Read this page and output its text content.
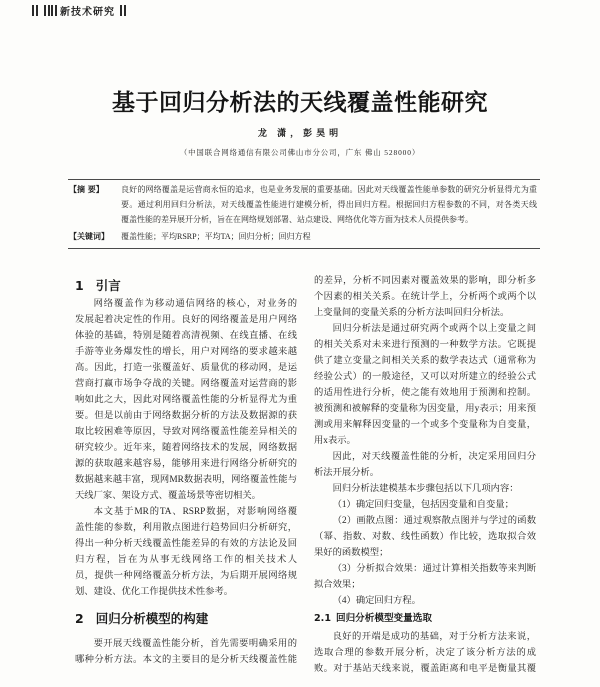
新技术研究
基于回归分析法的天线覆盖性能研究
龙 潇，彭昊明
（中国联合网络通信有限公司佛山市分公司，广东 佛山 528000）
【摘 要】 良好的网络覆盖是运营商永恒的追求，也是业务发展的重要基础。因此对天线覆盖性能单参数的研究分析显得尤为重
要。通过利用回归分析法，对天线覆盖性能进行建模分析，得出回归方程。根据回归方程参数的不同，对各类天线
覆盖性能的差异展开分析，旨在在网络规划部署、站点建设、网络优化等方面为技术人员提供参考。
【关键词】 覆盖性能；平均RSRP；平均TA；回归分析；回归方程
1 引言
网络覆盖作为移动通信网络的核心，对业务的
发展起着决定性的作用。良好的网络覆盖是用户网络
体验的基础，特别是随着高清视频、在线直播、在线
手游等业务爆发性的增长，用户对网络的要求越来越
高。因此，打造一张覆盖好、质量优的移动网，是运
营商打赢市场争夺战的关键。网络覆盖对运营商的影
响如此之大，因此对网络覆盖性能的分析显得尤为重
要。但是以前由于网络数据分析的方法及数据源的获
取比较困难等原因，导致对网络覆盖性能差异相关的
研究较少。近年来，随着网络技术的发展，网络数据
源的获取越来越容易，能够用来进行网络分析研究的
数据越来越丰富，现网MR数据表明，网络覆盖性能与
天线厂家、架设方式、覆盖场景等密切相关。
本文基于MR的TA、RSRP数据，对影响网络覆
盖性能的参数，利用散点图进行趋势回归分析研究，
得出一种分析天线覆盖性能差异的有效的方法论及回
归方程，旨在为从事无线网络工作的相关技术人
员，提供一种网络覆盖分析方法，为后期开展网络规
划、建设、优化工作提供技术性参考。
2 回归分析模型的构建
要开展天线覆盖性能分析，首先需要明确采用的
哪种分析方法。本文的主要目的是分析天线覆盖性能
的差异，分析不同因素对覆盖效果的影响，即分析多
个因素的相关关系。在统计学上，分析两个或两个以
上变量间的变量关系的分析方法叫回归分析法。
回归分析法是通过研究两个或两个以上变量之间
的相关关系对未来进行预测的一种数学方法。它既提
供了建立变量之间相关关系的数学表达式（通常称为
经验公式）的一般途径，又可以对所建立的经验公式
的适用性进行分析，使之能有效地用于预测和控制。
被预测和被解释的变量称为因变量，用y表示；用来预
测或用来解释因变量的一个或多个变量称为自变量，
用x表示。
因此，对天线覆盖性能的分析，决定采用回归分
析法开展分析。
回归分析法建模基本步骤包括以下几项内容：
（1）确定回归变量，包括因变量和自变量；
（2）画散点图：通过观察散点图并与学过的函数
（幂、指数、对数、线性函数）作比较，选取拟合效
果好的函数模型；
（3）分析拟合效果：通过计算相关指数等来判断
拟合效果；
（4）确定回归方程。
2.1 回归分析模型变量选取
良好的开端是成功的基础，对于分析方法来说，
选取合理的参数开展分析，决定了该分析方法的成
败。对于基站天线来说，覆盖距离和电平是衡量其覆
